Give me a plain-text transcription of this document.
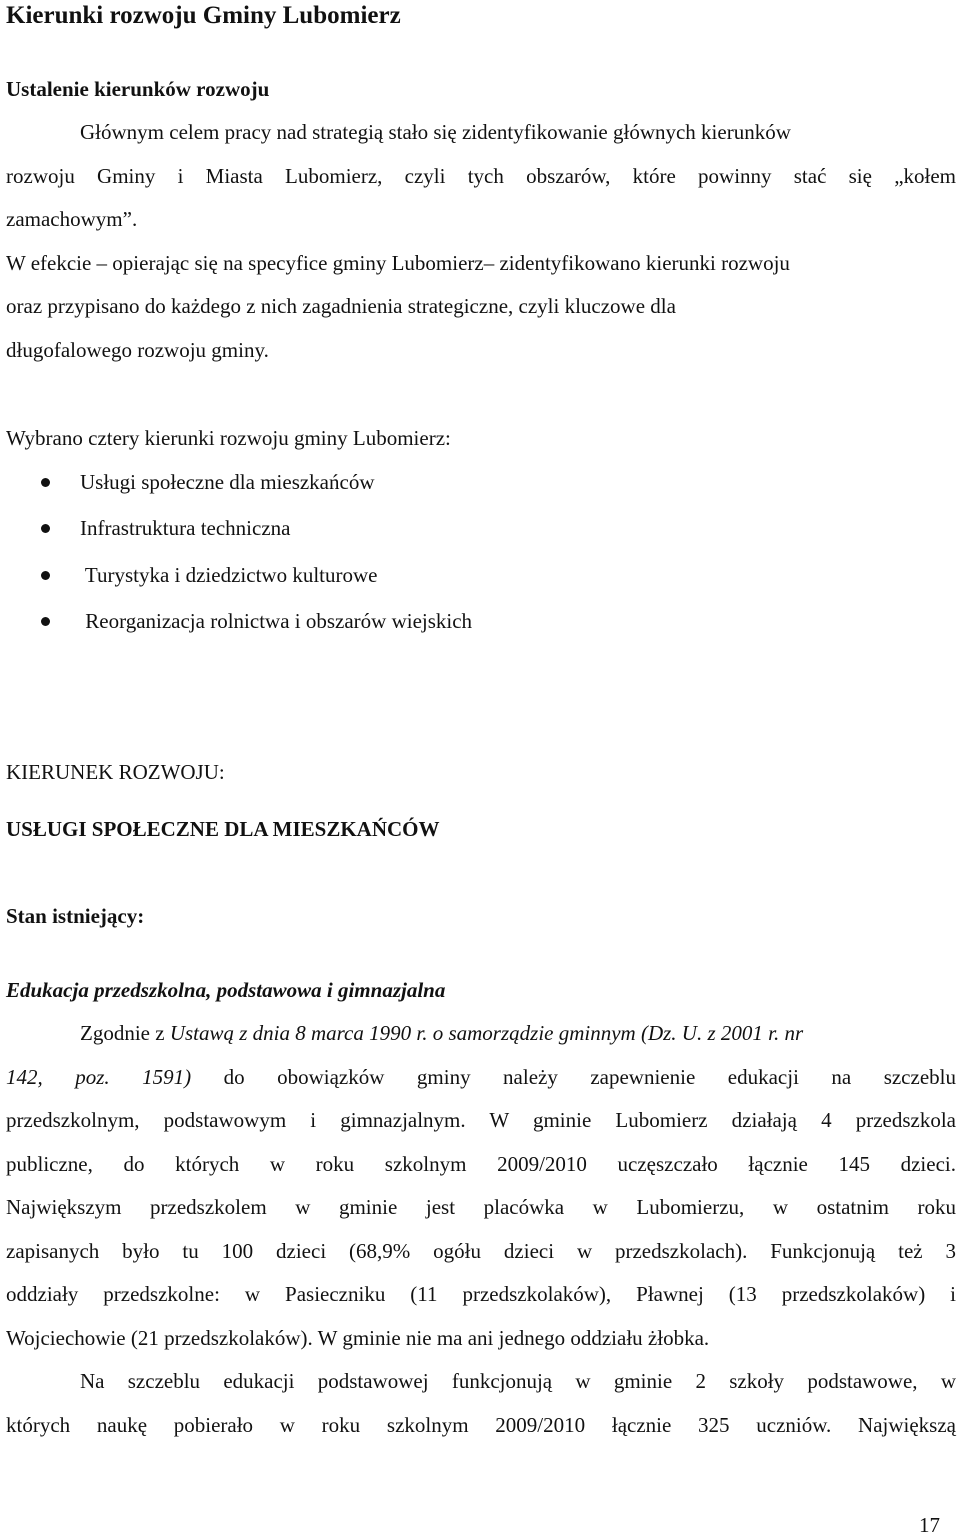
Kierunki rozwoju Gminy Lubomierz
Ustalenie kierunków rozwoju

Głównym celem pracy nad strategią stało się zidentyfikowanie głównych kierunków

rozwoju Gminy i Miasta Lubomierz, czyli tych obszarów, które powinny stać się „kołem

zamachowym”.

W efekcie – opierając się na specyfice gminy Lubomierz– zidentyfikowano kierunki rozwoju

oraz przypisano do każdego z nich zagadnienia strategiczne, czyli kluczowe dla

długofalowego rozwoju gminy.

Wybrano cztery kierunki rozwoju gminy Lubomierz:

Usługi społeczne dla mieszkańców

Infrastruktura techniczna

Turystyka i dziedzictwo kulturowe

Reorganizacja rolnictwa i obszarów wiejskich

KIERUNEK ROZWOJU:

USŁUGI SPOŁECZNE DLA MIESZKAŃCÓW

Stan istniejący:

Edukacja przedszkolna, podstawowa i gimnazjalna

Zgodnie z Ustawą z dnia 8 marca 1990 r. o samorządzie gminnym (Dz. U. z 2001 r. nr

142, poz. 1591) do obowiązków gminy należy zapewnienie edukacji na szczeblu

przedszkolnym, podstawowym i gimnazjalnym. W gminie Lubomierz działają 4 przedszkola

publiczne, do których w roku szkolnym 2009/2010 uczęszczało łącznie 145 dzieci.

Największym przedszkolem w gminie jest placówka w Lubomierzu, w ostatnim roku

zapisanych było tu 100 dzieci (68,9% ogółu dzieci w przedszkolach). Funkcjonują też 3

oddziały przedszkolne: w Pasieczniku (11 przedszkolaków), Pławnej (13 przedszkolaków) i

Wojciechowie (21 przedszkolaków). W gminie nie ma ani jednego oddziału żłobka.

Na szczeblu edukacji podstawowej funkcjonują w gminie 2 szkoły podstawowe, w

których naukę pobierało w roku szkolnym 2009/2010 łącznie 325 uczniów. Największą

17
